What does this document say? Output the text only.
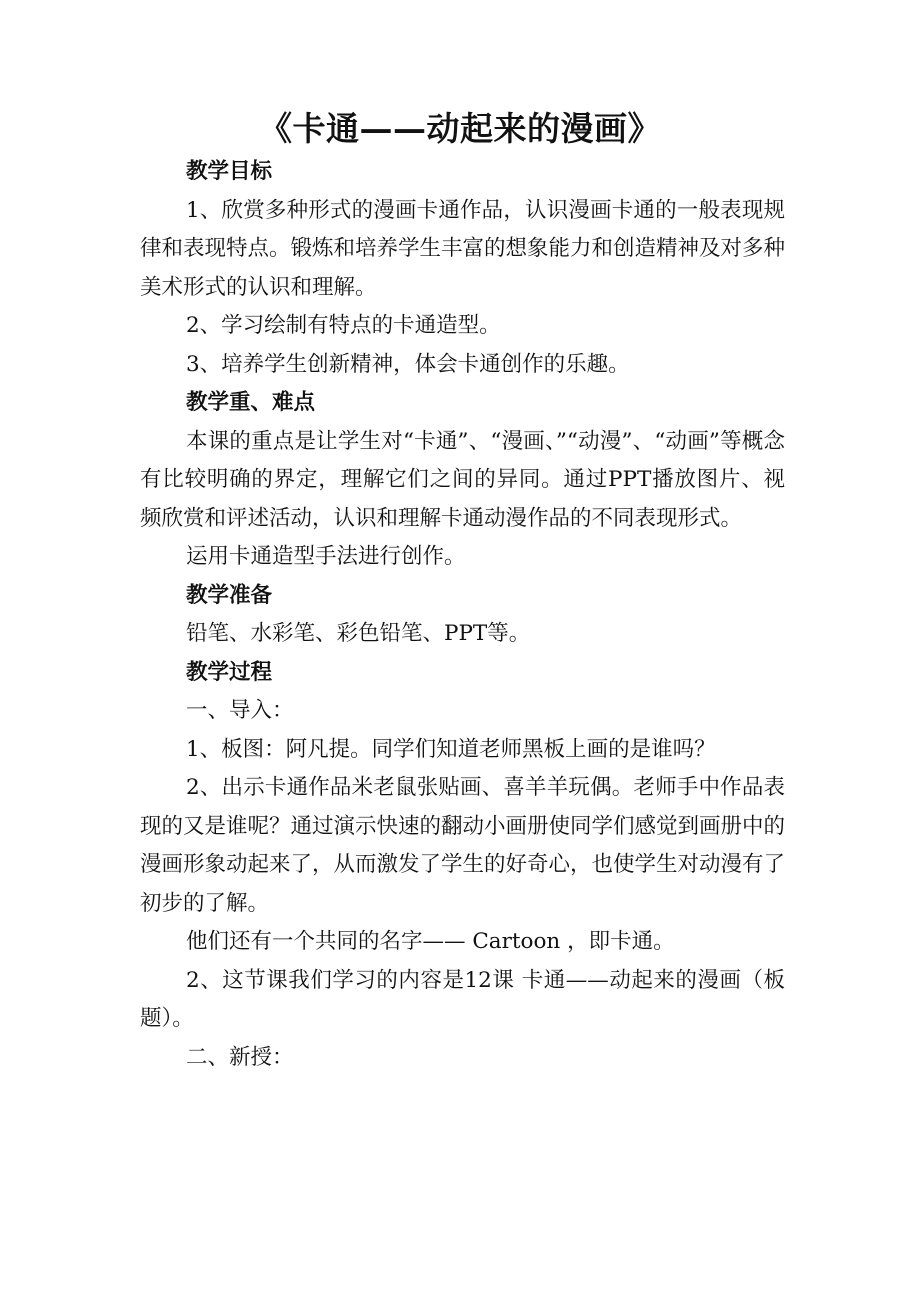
《卡通——动起来的漫画》

教学目标

1、欣赏多种形式的漫画卡通作品，认识漫画卡通的一般表现规律和表现特点。锻炼和培养学生丰富的想象能力和创造精神及对多种美术形式的认识和理解。

2、学习绘制有特点的卡通造型。

3、培养学生创新精神，体会卡通创作的乐趣。

教学重、难点

本课的重点是让学生对“卡通”、“漫画、”“动漫”、“动画”等概念有比较明确的界定，理解它们之间的异同。通过PPT播放图片、视频欣赏和评述活动，认识和理解卡通动漫作品的不同表现形式。

运用卡通造型手法进行创作。

教学准备

铅笔、水彩笔、彩色铅笔、PPT等。

教学过程

一、导入：

1、板图：阿凡提。同学们知道老师黑板上画的是谁吗？

2、出示卡通作品米老鼠张贴画、喜羊羊玩偶。老师手中作品表现的又是谁呢？通过演示快速的翻动小画册使同学们感觉到画册中的漫画形象动起来了，从而激发了学生的好奇心，也使学生对动漫有了初步的了解。

他们还有一个共同的名字—— Cartoon ，即卡通。

2、这节课我们学习的内容是12课 卡通——动起来的漫画（板题）。

二、新授：
